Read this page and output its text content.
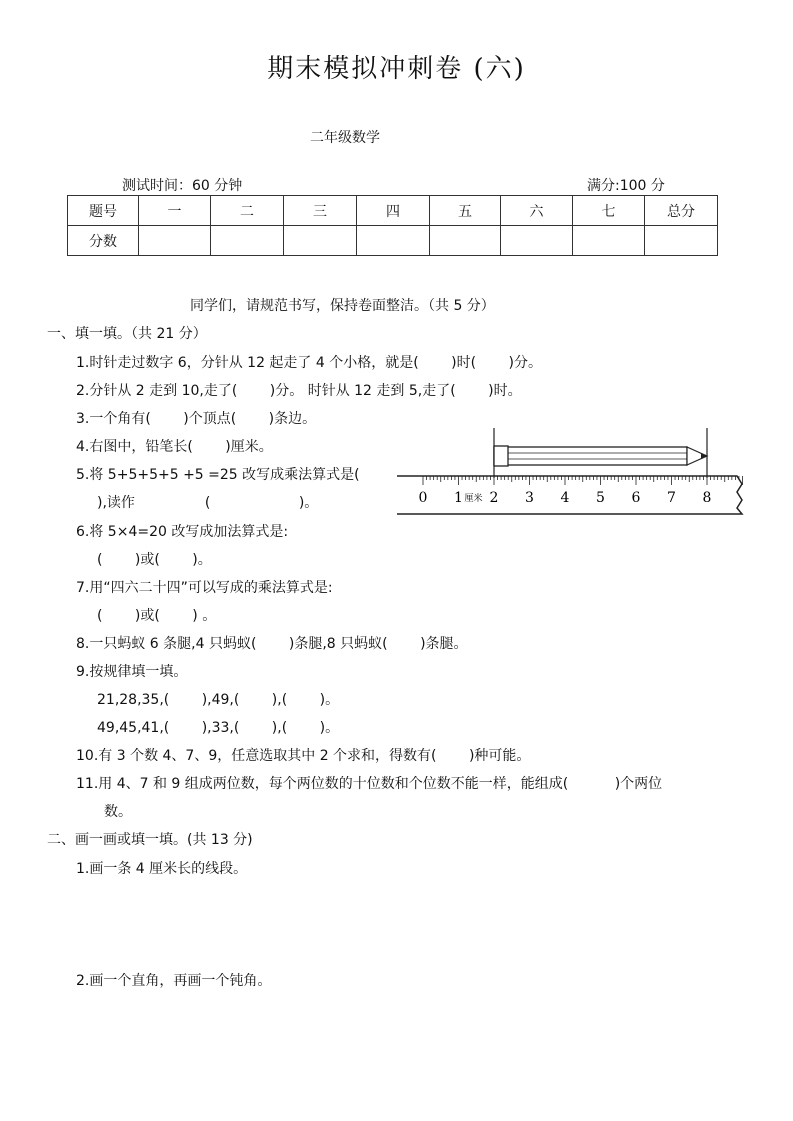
期末模拟冲刺卷 (六)
二年级数学
测试时间：60 分钟	满分:100 分
题号	一	二	三	四	五	六	七	总分
分数								
同学们，请规范书写，保持卷面整洁。（共 5 分）
一、填一填。（共 21 分）
1.时针走过数字 6，分针从 12 起走了 4 个小格，就是(　　 )时(　　 )分。
2.分针从 2 走到 10,走了(　　 )分。 时针从 12 走到 5,走了(　　 )时。
3.一个角有(　　 )个顶点(　　 )条边。
4.右图中，铅笔长(　　 )厘米。
5.将 5+5+5+5 +5 =25 改写成乘法算式是(
),读作　　　　　(　　　　　　 )。
6.将 5×4=20 改写成加法算式是:
(　　 )或(　　 )。
7.用“四六二十四”可以写成的乘法算式是:
(　　 )或(　　 ) 。
8.一只蚂蚁 6 条腿,4 只蚂蚁(　　 )条腿,8 只蚂蚁(　　 )条腿。
9.按规律填一填。
21,28,35,(　　 ),49,(　　 ),(　　 )。
49,45,41,(　　 ),33,(　　 ),(　　 )。
10.有 3 个数 4、7、9，任意选取其中 2 个求和，得数有(　　 )种可能。
11.用 4、7 和 9 组成两位数，每个两位数的十位数和个位数不能一样，能组成(　　　 )个两位
数。
二、画一画或填一填。(共 13 分)
1.画一条 4 厘米长的线段。
2.画一个直角，再画一个钝角。
0 1 厘米 2 3 4 5 6 7 8
